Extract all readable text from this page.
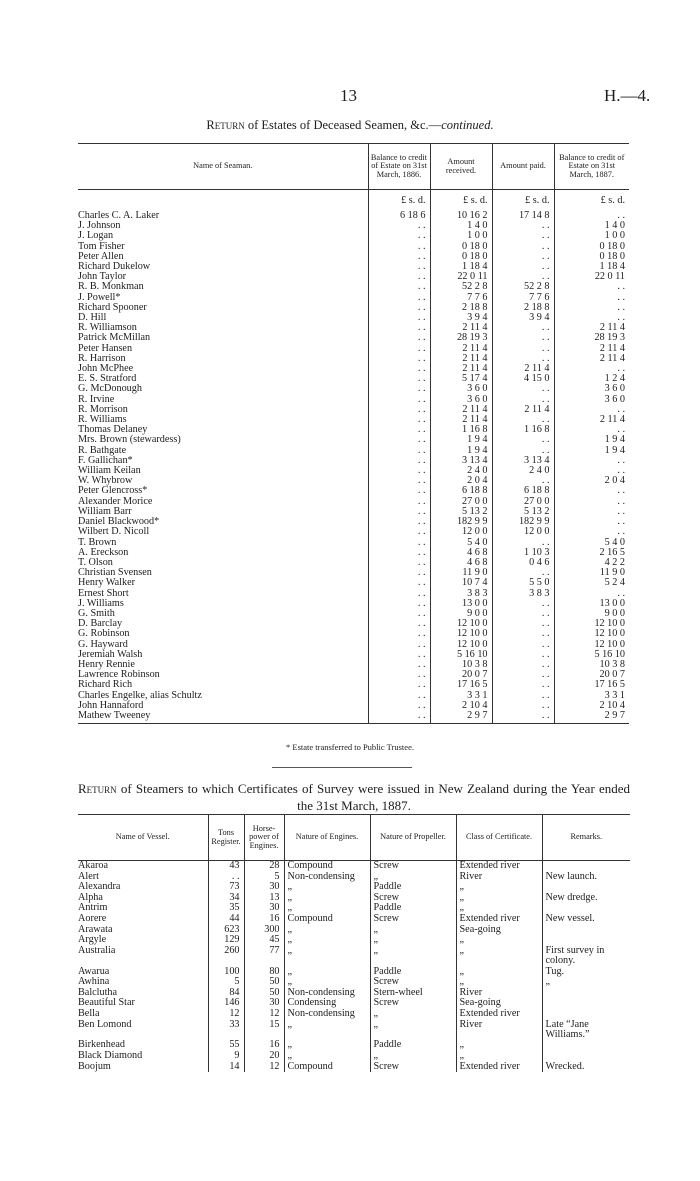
13	H.—4.
Return of Estates of Deceased Seamen, &c.—continued.
Name of Seaman.	Balance to credit of Estate on 31st March, 1886.	Amount received.	Amount paid.	Balance to credit of Estate on 31st March, 1887.
	£ s. d.	£ s. d.	£ s. d.	£ s. d.
Charles C. A. Laker	6 18 6	10 16 2	17 14 8	. .
J. Johnson	. .	1 4 0	. .	1 4 0
J. Logan	. .	1 0 0	. .	1 0 0
Tom Fisher	. .	0 18 0	. .	0 18 0
Peter Allen	. .	0 18 0	. .	0 18 0
Richard Dukelow	. .	1 18 4	. .	1 18 4
John Taylor	. .	22 0 11	. .	22 0 11
R. B. Monkman	. .	52 2 8	52 2 8	. .
J. Powell*	. .	7 7 6	7 7 6	. .
Richard Spooner	. .	2 18 8	2 18 8	. .
D. Hill	. .	3 9 4	3 9 4	. .
R. Williamson	. .	2 11 4	. .	2 11 4
Patrick McMillan	. .	28 19 3	. .	28 19 3
Peter Hansen	. .	2 11 4	. .	2 11 4
R. Harrison	. .	2 11 4	. .	2 11 4
John McPhee	. .	2 11 4	2 11 4	. .
E. S. Stratford	. .	5 17 4	4 15 0	1 2 4
G. McDonough	. .	3 6 0	. .	3 6 0
R. Irvine	. .	3 6 0	. .	3 6 0
R. Morrison	. .	2 11 4	2 11 4	. .
R. Williams	. .	2 11 4	. .	2 11 4
Thomas Delaney	. .	1 16 8	1 16 8	. .
Mrs. Brown (stewardess)	. .	1 9 4	. .	1 9 4
R. Bathgate	. .	1 9 4	. .	1 9 4
F. Gallichan*	. .	3 13 4	3 13 4	. .
William Keilan	. .	2 4 0	2 4 0	. .
W. Whybrow	. .	2 0 4	. .	2 0 4
Peter Glencross*	. .	6 18 8	6 18 8	. .
Alexander Morice	. .	27 0 0	27 0 0	. .
William Barr	. .	5 13 2	5 13 2	. .
Daniel Blackwood*	. .	182 9 9	182 9 9	. .
Wilbert D. Nicoll	. .	12 0 0	12 0 0	. .
T. Brown	. .	5 4 0	. .	5 4 0
A. Ereckson	. .	4 6 8	1 10 3	2 16 5
T. Olson	. .	4 6 8	0 4 6	4 2 2
Christian Svensen	. .	11 9 0	. .	11 9 0
Henry Walker	. .	10 7 4	5 5 0	5 2 4
Ernest Short	. .	3 8 3	3 8 3	. .
J. Williams	. .	13 0 0	. .	13 0 0
G. Smith	. .	9 0 0	. .	9 0 0
D. Barclay	. .	12 10 0	. .	12 10 0
G. Robinson	. .	12 10 0	. .	12 10 0
G. Hayward	. .	12 10 0	. .	12 10 0
Jeremiah Walsh	. .	5 16 10	. .	5 16 10
Henry Rennie	. .	10 3 8	. .	10 3 8
Lawrence Robinson	. .	20 0 7	. .	20 0 7
Richard Rich	. .	17 16 5	. .	17 16 5
Charles Engelke, alias Schultz	. .	3 3 1	. .	3 3 1
John Hannaford	. .	2 10 4	. .	2 10 4
Mathew Tweeney	. .	2 9 7	. .	2 9 7
* Estate transferred to Public Trustee.
Return of Steamers to which Certificates of Survey were issued in New Zealand during the Year ended the 31st March, 1887.
Name of Vessel.	Tons Register.	Horse-power of Engines.	Nature of Engines.	Nature of Propeller.	Class of Certificate.	Remarks.
Akaroa	43	28	Compound	Screw	Extended river	
Alert	. .	5	Non-condensing	„	River	New launch.
Alexandra	73	30	„	Paddle	„	
Alpha	34	13	„	Screw	„	New dredge.
Antrim	35	30	„	Paddle	„	
Aorere	44	16	Compound	Screw	Extended river	New vessel.
Arawata	623	300	„	„	Sea-going	
Argyle	129	45	„	„	„	
Australia	260	77	„	„	„	First survey in colony.
Awarua	100	80	„	Paddle	„	Tug.
Awhina	5	50	„	Screw	„	„
Balclutha	84	50	Non-condensing	Stern-wheel	River	
Beautiful Star	146	30	Condensing	Screw	Sea-going	
Bella	12	12	Non-condensing	„	Extended river	
Ben Lomond	33	15	„	„	River	Late “Jane Williams.”
Birkenhead	55	16	„	Paddle	„	
Black Diamond	9	20	„	„	„	
Boojum	14	12	Compound	Screw	Extended river	Wrecked.
